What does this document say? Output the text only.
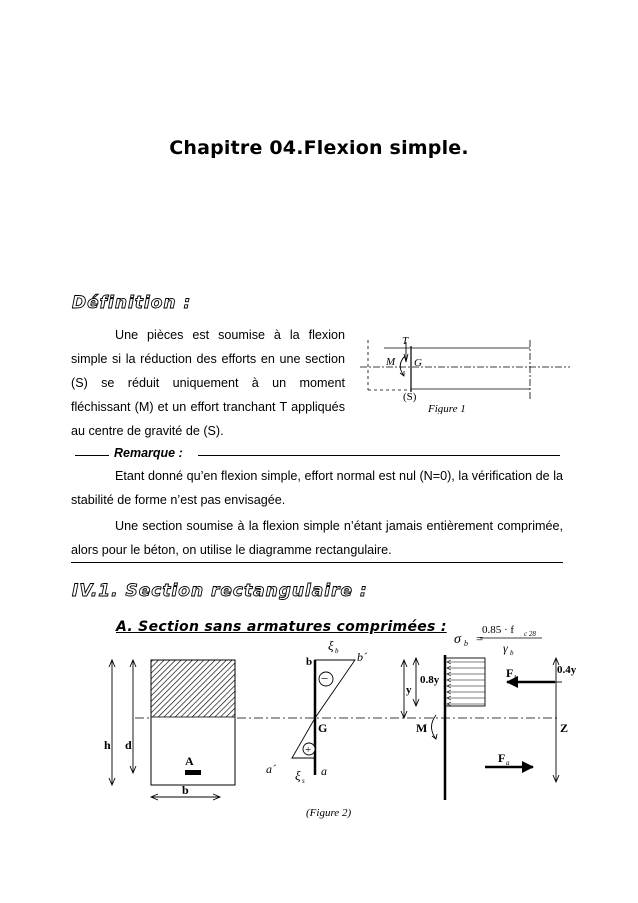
Chapitre 04.Flexion simple.
Définition :
Une pièces est soumise à la flexion simple si la réduction des efforts en une section (S) se réduit uniquement à un moment fléchissant (M) et un effort tranchant T appliqués au centre de gravité de (S).
T
M G
(S)
Figure 1
Remarque :
Etant donné qu’en flexion simple, effort normal est nul (N=0), la vérification de la stabilité de forme n’est pas envisagée.
Une section soumise à la flexion simple n’étant jamais entièrement comprimée, alors pour le béton, on utilise le diagramme rectangulaire.
IV.1. Section rectangulaire :
A. Section sans armatures comprimées :
σ b =
0.85 · f c 28
γ b
A
h d
b
b
ξ b b´
−
G
+
a´	a
ξ s
y
0.8y
M
F b
F a
0.4y
Z
(Figure 2)
